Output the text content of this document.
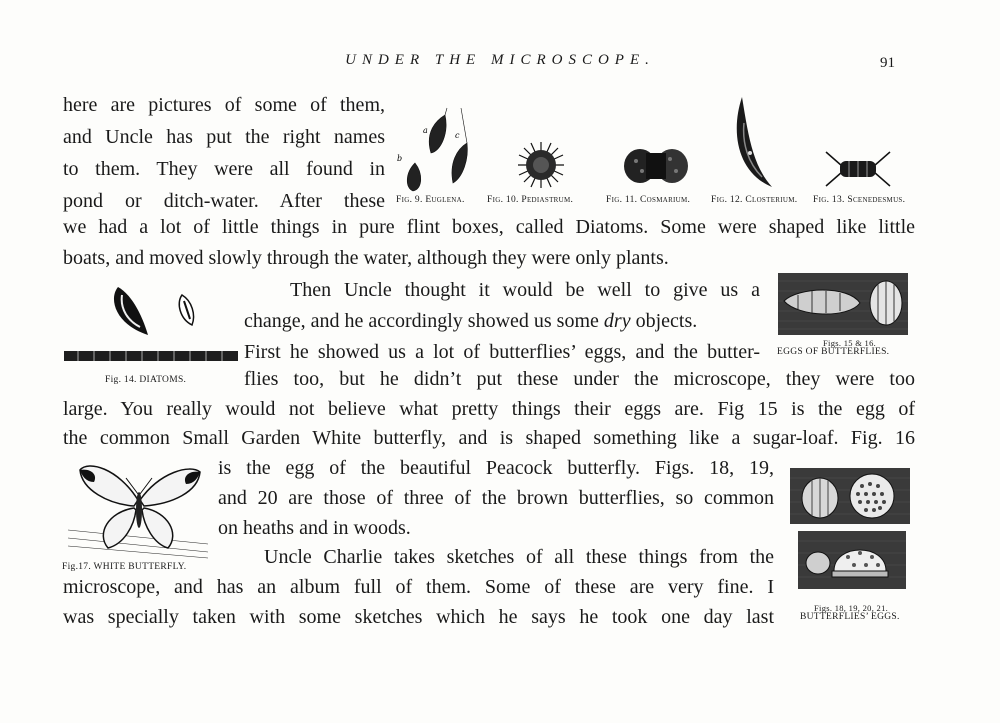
UNDER THE MICROSCOPE.	91
here are pictures of some of them,
and Uncle has put the right names
to them. They were all found in
pond or ditch-water. After these
we had a lot of little things in pure flint boxes, called Diatoms. Some were shaped like little
boats, and moved slowly through the water, although they were only plants.
Then Uncle thought it would be well to give us a
change, and he accordingly showed us some dry objects.
First he showed us a lot of butterflies’ eggs, and the butter-
flies too, but he didn’t put these under the microscope, they were too
large. You really would not believe what pretty things their eggs are. Fig 15 is the egg of
the common Small Garden White butterfly, and is shaped something like a sugar-loaf. Fig. 16
is the egg of the beautiful Peacock butterfly. Figs. 18, 19,
and 20 are those of three of the brown butterflies, so common
on heaths and in woods.
Uncle Charlie takes sketches of all these things from the
microscope, and has an album full of them. Some of these are very fine. I
was specially taken with some sketches which he says he took one day last
b
a
c
Fig. 9. Euglena. Fig. 10. Pediastrum.	Fig. 11. Cosmarium. Fig. 12. Closterium. Fig. 13. Scenedesmus.
Fig. 14. DIATOMS.
Figs. 15 & 16.
EGGS OF BUTTERFLIES.
Fig.17. WHITE BUTTERFLY.
Figs. 18, 19, 20, 21.
BUTTERFLIES’ EGGS.
